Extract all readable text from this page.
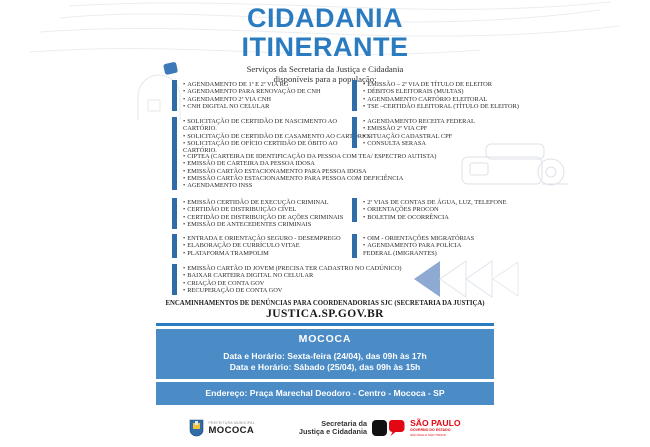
CIDADANIA
ITINERANTE
Serviços da Secretaria da Justiça e Cidadania
disponíveis para a população:
• AGENDAMENTO DE 1ª E 2ª VIA RG
• AGENDAMENTO PARA RENOVAÇÃO DE CNH
• AGENDAMENTO 2ª VIA CNH
• CNH DIGITAL NO CELULAR
• EMISSÃO – 2ª VIA DE TÍTULO DE ELEITOR
• DÉBITOS ELEITORAIS (MULTAS)
• AGENDAMENTO CARTÓRIO ELEITORAL
• TSE –CERTIDÃO ELEITORAL (TÍTULO DE ELEITOR)
• SOLICITAÇÃO DE CERTIDÃO DE NASCIMENTO AO CARTÓRIO.
• SOLICITAÇÃO DE CERTIDÃO DE CASAMENTO AO CARTÓRIO.
• SOLICITAÇÃO DE OFÍCIO CERTIDÃO DE ÓBITO AO CARTÓRIO.
• AGENDAMENTO RECEITA FEDERAL
• EMISSÃO 2ª VIA CPF
• SITUAÇÃO CADASTRAL CPF
• CONSULTA SERASA
• CIPTEA (CARTEIRA DE IDENTIFICAÇÃO DA PESSOA COM TEA/ ESPECTRO AUTISTA)
• EMISSÃO DE CARTEIRA DA PESSOA IDOSA
• EMISSÃO CARTÃO ESTACIONAMENTO PARA PESSOA IDOSA
• EMISSÃO CARTÃO ESTACIONAMENTO PARA PESSOA COM DEFICIÊNCIA
• AGENDAMENTO INSS
• EMISSÃO CERTIDÃO DE EXECUÇÃO CRIMINAL
• CERTIDÃO DE DISTRIBUIÇÃO CÍVEL
• CERTIDÃO DE DISTRIBUIÇÃO DE AÇÕES CRIMINAIS
• EMISSÃO DE ANTECEDENTES CRIMINAIS
• 2ª VIAS DE CONTAS DE ÁGUA, LUZ, TELEFONE
• ORIENTAÇÕES PROCON
• BOLETIM DE OCORRÊNCIA
• ENTRADA E ORIENTAÇÃO SEGURO - DESEMPREGO
• ELABORAÇÃO DE CURRÍCULO VITAE
• PLATAFORMA TRAMPOLIM
• OIM - ORIENTAÇÕES MIGRATÓRIAS
• AGENDAMENTO PARA POLÍCIA FEDERAL (IMIGRANTES)
• EMISSÃO CARTÃO ID JOVEM (PRECISA TER CADASTRO NO CADÚNICO)
• BAIXAR CARTEIRA DIGITAL NO CELULAR
• CRIAÇÃO DE CONTA GOV
• RECUPERAÇÃO DE CONTA GOV
ENCAMINHAMENTOS DE DENÚNCIAS PARA COORDENADORIAS SJC (SECRETARIA DA JUSTIÇA)
JUSTICA.SP.GOV.BR
MOCOCA
Data e Horário: Sexta-feira (24/04), das 09h às 17h
Data e Horário: Sábado (25/04), das 09h às 15h
Endereço: Praça Marechal Deodoro - Centro - Mococa - SP
PREFEITURA MUNICIPAL
MOCOCA
Secretaria da
Justiça e Cidadania
SÃO PAULO
GOVERNO DO ESTADO
SÃO PAULO SÃO TODOS
